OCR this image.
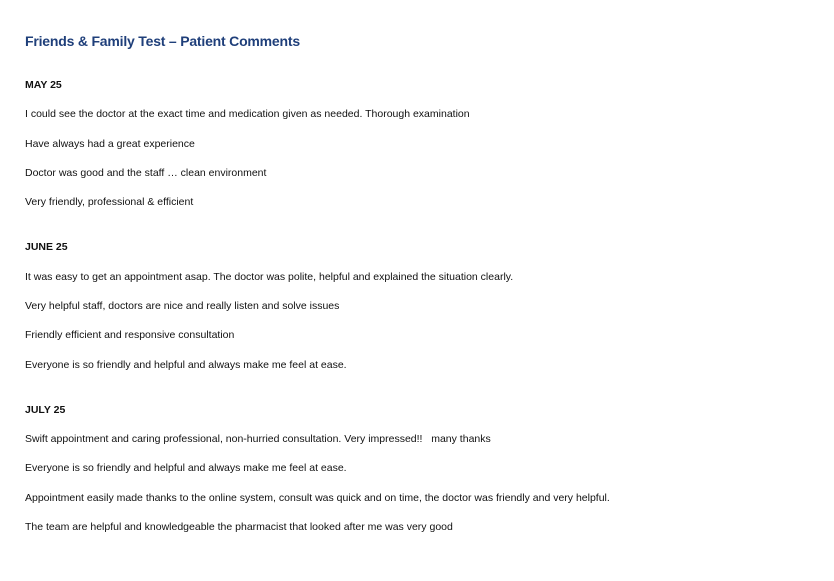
Friends & Family Test – Patient Comments
MAY 25
I could see the doctor at the exact time and medication given as needed. Thorough examination
Have always had a great experience
Doctor was good and the staff … clean environment
Very friendly, professional & efficient
JUNE 25
It was easy to get an appointment asap. The doctor was polite, helpful and explained the situation clearly.
Very helpful staff, doctors are nice and really listen and solve issues
Friendly efficient and responsive consultation
Everyone is so friendly and helpful and always make me feel at ease.
JULY 25
Swift appointment and caring professional, non-hurried consultation. Very impressed!!   many thanks
Everyone is so friendly and helpful and always make me feel at ease.
Appointment easily made thanks to the online system, consult was quick and on time, the doctor was friendly and very helpful.
The team are helpful and knowledgeable the pharmacist that looked after me was very good
